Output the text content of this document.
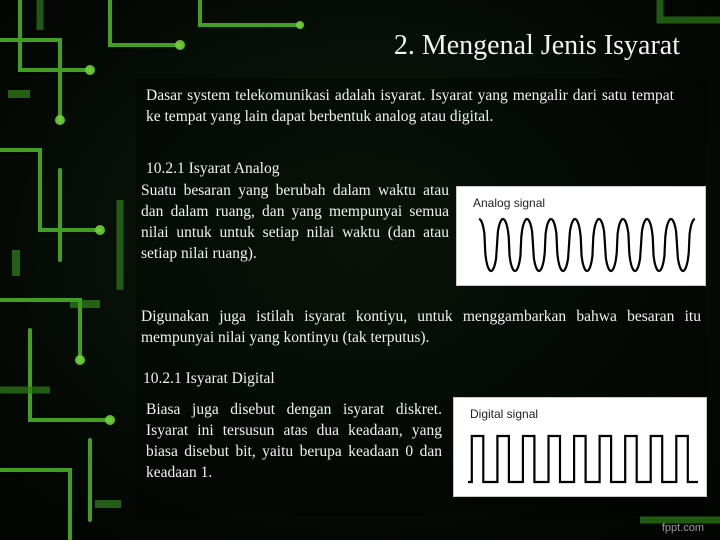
2. Mengenal Jenis Isyarat
Dasar system telekomunikasi adalah isyarat. Isyarat yang mengalir dari satu tempat ke tempat yang lain dapat berbentuk analog atau digital.
10.2.1 Isyarat Analog
Suatu besaran yang berubah dalam waktu atau dan dalam ruang, dan yang mempunyai semua nilai untuk untuk setiap nilai waktu (dan atau setiap nilai ruang).
Analog signal
Digunakan juga istilah isyarat kontiyu, untuk menggambarkan bahwa besaran itu mempunyai nilai yang kontinyu (tak terputus).
10.2.1 Isyarat Digital
Biasa juga disebut dengan isyarat diskret. Isyarat ini tersusun atas dua keadaan, yang biasa disebut bit, yaitu berupa keadaan 0 dan keadaan 1.
Digital signal
fppt.com
